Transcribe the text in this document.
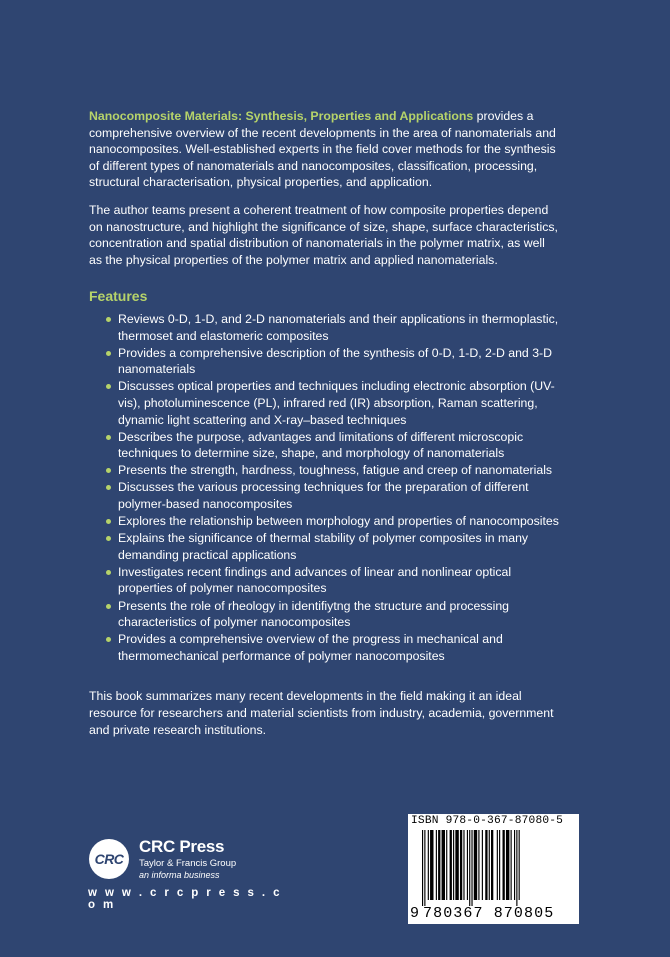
Nanocomposite Materials: Synthesis, Properties and Applications provides a comprehensive overview of the recent developments in the area of nanomaterials and nanocomposites. Well-established experts in the field cover methods for the synthesis of different types of nanomaterials and nanocomposites, classification, processing, structural characterisation, physical properties, and application.

The author teams present a coherent treatment of how composite properties depend on nanostructure, and highlight the significance of size, shape, surface characteristics, concentration and spatial distribution of nanomaterials in the polymer matrix, as well as the physical properties of the polymer matrix and applied nanomaterials.

Features
Reviews 0-D, 1-D, and 2-D nanomaterials and their applications in thermoplastic, thermoset and elastomeric composites
Provides a comprehensive description of the synthesis of 0-D, 1-D, 2-D and 3-D nanomaterials
Discusses optical properties and techniques including electronic absorption (UV-vis), photoluminescence (PL), infrared red (IR) absorption, Raman scattering, dynamic light scattering and X-ray–based techniques
Describes the purpose, advantages and limitations of different microscopic techniques to determine size, shape, and morphology of nanomaterials
Presents the strength, hardness, toughness, fatigue and creep of nanomaterials
Discusses the various processing techniques for the preparation of different polymer-based nanocomposites
Explores the relationship between morphology and properties of nanocomposites
Explains the significance of thermal stability of polymer composites in many demanding practical applications
Investigates recent findings and advances of linear and nonlinear optical properties of polymer nanocomposites
Presents the role of rheology in identifiytng the structure and processing characteristics of polymer nanocomposites
Provides a comprehensive overview of the progress in mechanical and thermomechanical performance of polymer nanocomposites

This book summarizes many recent developments in the field making it an ideal resource for researchers and material scientists from industry, academia, government and private research institutions.

CRC
CRC Press
Taylor & Francis Group
an informa business
w w w . c r c p r e s s . c o m
ISBN 978-0-367-87080-5
9 780367 870805
